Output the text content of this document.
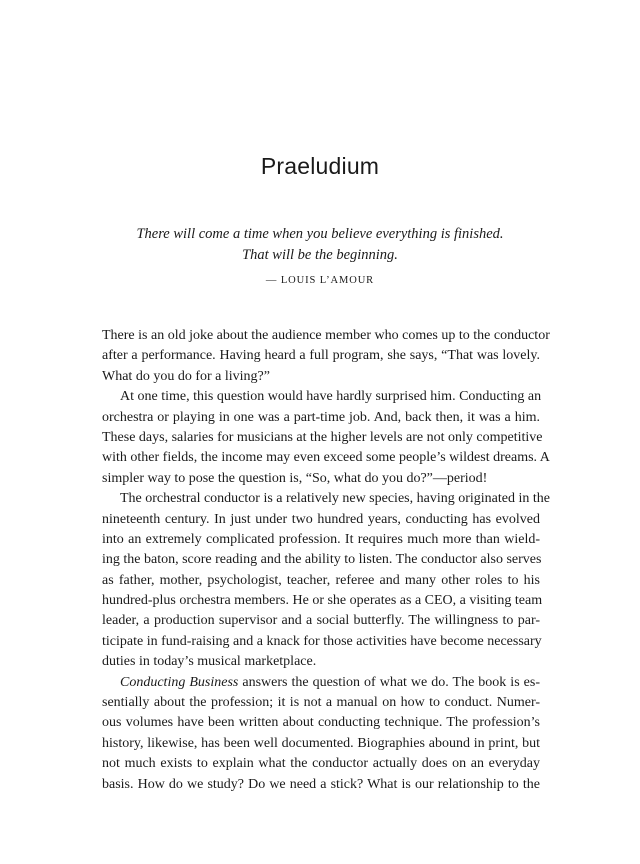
Praeludium
There will come a time when you believe everything is finished.
That will be the beginning.
— LOUIS L’AMOUR
There is an old joke about the audience member who comes up to the conductor
after a performance. Having heard a full program, she says, “That was lovely.
What do you do for a living?”
At one time, this question would have hardly surprised him. Conducting an
orchestra or playing in one was a part-time job. And, back then, it was a him.
These days, salaries for musicians at the higher levels are not only competitive
with other fields, the income may even exceed some people’s wildest dreams. A
simpler way to pose the question is, “So, what do you do?”—period!
The orchestral conductor is a relatively new species, having originated in the
nineteenth century. In just under two hundred years, conducting has evolved
into an extremely complicated profession. It requires much more than wield-
ing the baton, score reading and the ability to listen. The conductor also serves
as father, mother, psychologist, teacher, referee and many other roles to his
hundred-plus orchestra members. He or she operates as a CEO, a visiting team
leader, a production supervisor and a social butterfly. The willingness to par-
ticipate in fund-raising and a knack for those activities have become necessary
duties in today’s musical marketplace.
Conducting Business answers the question of what we do. The book is es-
sentially about the profession; it is not a manual on how to conduct. Numer-
ous volumes have been written about conducting technique. The profession’s
history, likewise, has been well documented. Biographies abound in print, but
not much exists to explain what the conductor actually does on an everyday
basis. How do we study? Do we need a stick? What is our relationship to the
